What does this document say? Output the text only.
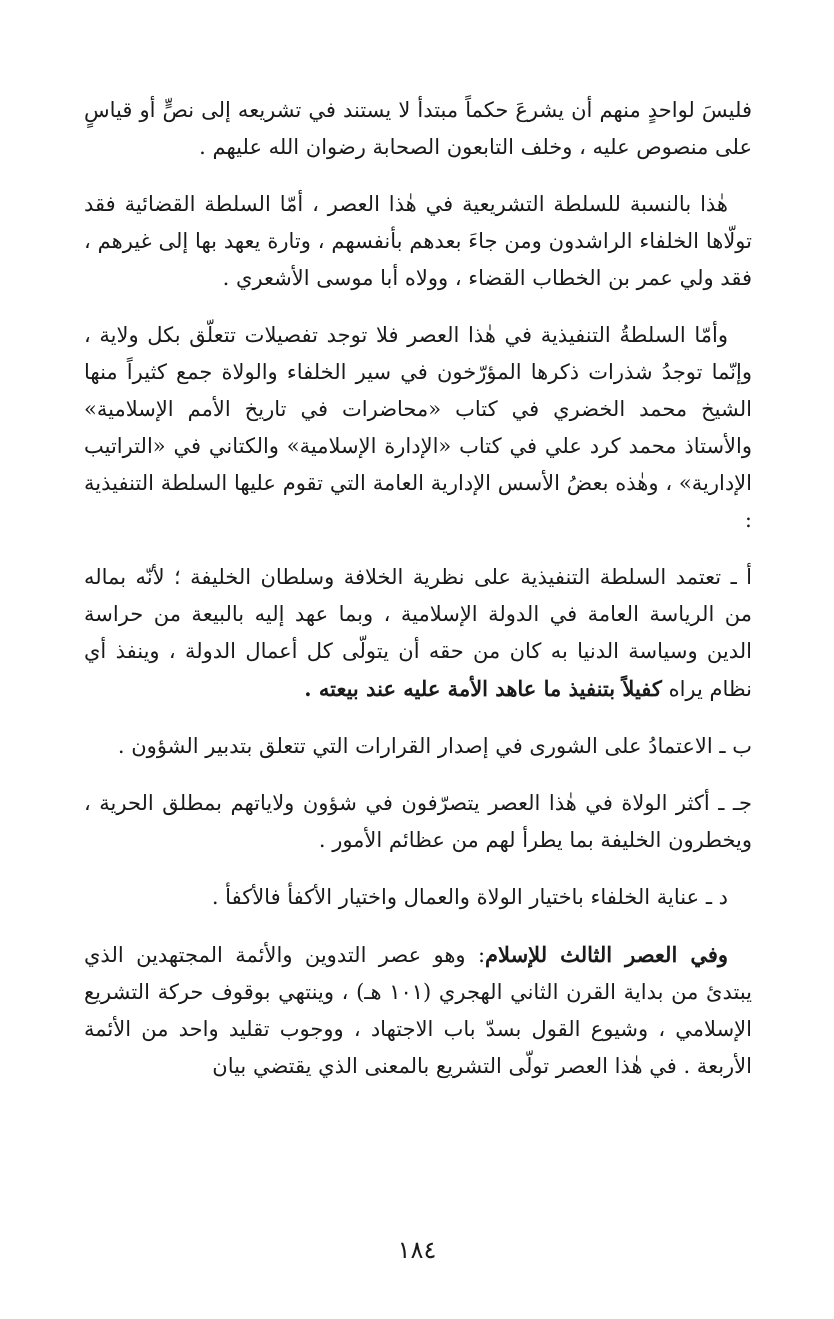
فليسَ لواحدٍ منهم أن يشرعَ حكماً مبتدأ لا يستند في تشريعه إلى نصٍّ أو قياسٍ على منصوص عليه ، وخلف التابعون الصحابة رضوان الله عليهم .

هٰذا بالنسبة للسلطة التشريعية في هٰذا العصر ، أمّا السلطة القضائية فقد تولّاها الخلفاء الراشدون ومن جاءَ بعدهم بأنفسهم ، وتارة يعهد بها إلى غيرهم ، فقد ولي عمر بن الخطاب القضاء ، وولاه أبا موسى الأشعري .

وأمّا السلطةُ التنفيذية في هٰذا العصر فلا توجد تفصيلات تتعلّق بكل ولاية ، وإنّما توجدُ شذرات ذكرها المؤرّخون في سير الخلفاء والولاة جمع كثيراً منها الشيخ محمد الخضري في كتاب «محاضرات في تاريخ الأمم الإسلامية» والأستاذ محمد كرد علي في كتاب «الإدارة الإسلامية» والكتاني في «التراتيب الإدارية» ، وهٰذه بعضُ الأسس الإدارية العامة التي تقوم عليها السلطة التنفيذية :

أ ـ تعتمد السلطة التنفيذية على نظرية الخلافة وسلطان الخليفة ؛ لأنّه بماله من الرياسة العامة في الدولة الإسلامية ، وبما عهد إليه بالبيعة من حراسة الدين وسياسة الدنيا به كان من حقه أن يتولّى كل أعمال الدولة ، وينفذ أي نظام يراه كفيلاً بتنفيذ ما عاهد الأمة عليه عند بيعته .

ب ـ الاعتمادُ على الشورى في إصدار القرارات التي تتعلق بتدبير الشؤون .

جـ ـ أكثر الولاة في هٰذا العصر يتصرّفون في شؤون ولاياتهم بمطلق الحرية ، ويخطرون الخليفة بما يطرأ لهم من عظائم الأمور .

د ـ عناية الخلفاء باختيار الولاة والعمال واختيار الأكفأ فالأكفأ .

وفي العصر الثالث للإسلام: وهو عصر التدوين والأئمة المجتهدين الذي يبتدئ من بداية القرن الثاني الهجري (١٠١ هـ) ، وينتهي بوقوف حركة التشريع الإسلامي ، وشيوع القول بسدّ باب الاجتهاد ، ووجوب تقليد واحد من الأئمة الأربعة . في هٰذا العصر تولّى التشريع بالمعنى الذي يقتضي بيان

١٨٤
